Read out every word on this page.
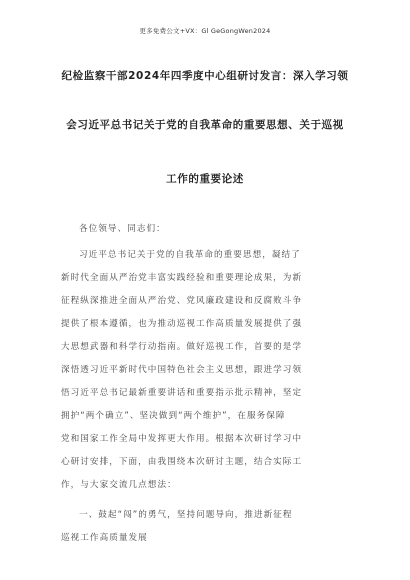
更多免费公文+VX：Gl GeGongWen2024
纪检监察干部2024年四季度中心组研讨发言：深入学习领
会习近平总书记关于党的自我革命的重要思想、关于巡视
工作的重要论述
各位领导、同志们：
习近平总书记关于党的自我革命的重要思想，凝结了
新时代全面从严治党丰富实践经验和重要理论成果，为新
征程纵深推进全面从严治党、党风廉政建设和反腐败斗争
提供了根本遵循，也为推动巡视工作高质量发展提供了强
大思想武器和科学行动指南。做好巡视工作，首要的是学
深悟透习近平新时代中国特色社会主义思想，跟进学习领
悟习近平总书记最新重要讲话和重要指示批示精神，坚定
拥护“两个确立”、坚决做到“两个维护”，在服务保障
党和国家工作全局中发挥更大作用。根据本次研讨学习中
心研讨安排，下面，由我围绕本次研讨主题，结合实际工
作，与大家交流几点想法：
一、鼓起“闯”的勇气，坚持问题导向，推进新征程
巡视工作高质量发展
